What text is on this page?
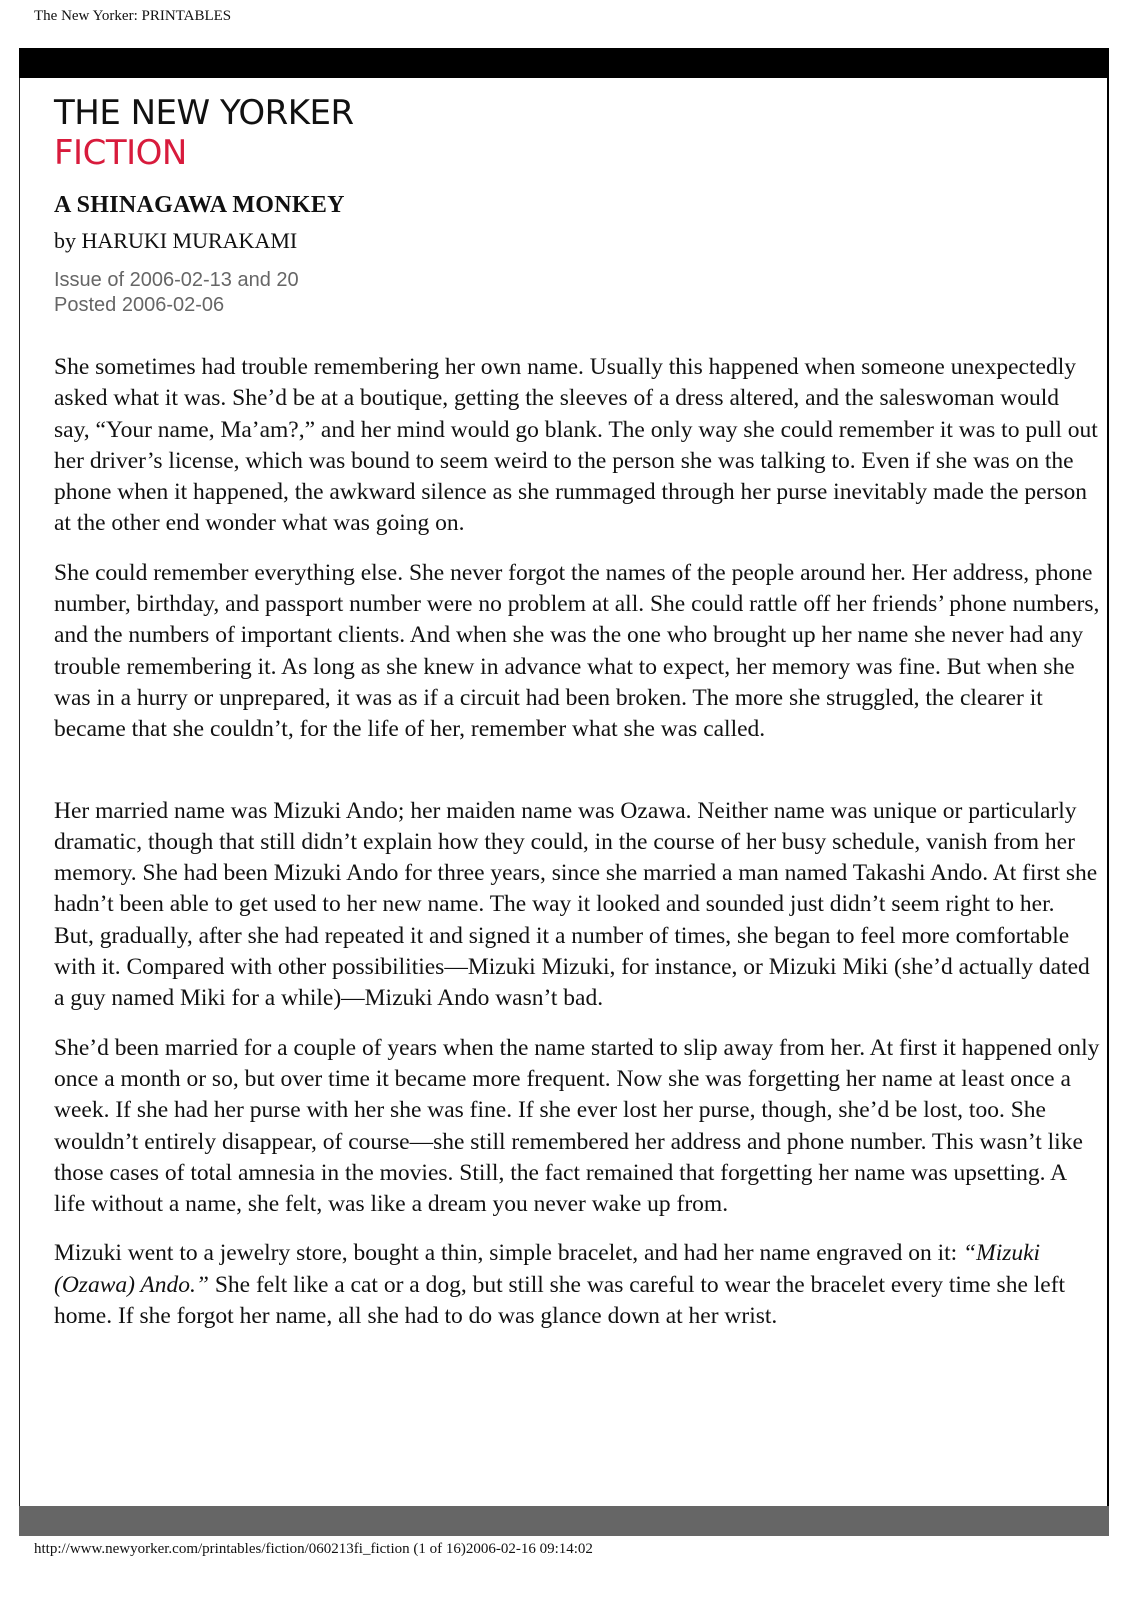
The New Yorker: PRINTABLES
THE NEW YORKER
FICTION
A SHINAGAWA MONKEY
by HARUKI MURAKAMI
Issue of 2006-02-13 and 20
Posted 2006-02-06

She sometimes had trouble remembering her own name. Usually this happened when someone unexpectedly asked what it was. She’d be at a boutique, getting the sleeves of a dress altered, and the saleswoman would say, “Your name, Ma’am?,” and her mind would go blank. The only way she could remember it was to pull out her driver’s license, which was bound to seem weird to the person she was talking to. Even if she was on the phone when it happened, the awkward silence as she rummaged through her purse inevitably made the person at the other end wonder what was going on.

She could remember everything else. She never forgot the names of the people around her. Her address, phone number, birthday, and passport number were no problem at all. She could rattle off her friends’ phone numbers, and the numbers of important clients. And when she was the one who brought up her name she never had any trouble remembering it. As long as she knew in advance what to expect, her memory was fine. But when she was in a hurry or unprepared, it was as if a circuit had been broken. The more she struggled, the clearer it became that she couldn’t, for the life of her, remember what she was called.

Her married name was Mizuki Ando; her maiden name was Ozawa. Neither name was unique or particularly dramatic, though that still didn’t explain how they could, in the course of her busy schedule, vanish from her memory. She had been Mizuki Ando for three years, since she married a man named Takashi Ando. At first she hadn’t been able to get used to her new name. The way it looked and sounded just didn’t seem right to her. But, gradually, after she had repeated it and signed it a number of times, she began to feel more comfortable with it. Compared with other possibilities—Mizuki Mizuki, for instance, or Mizuki Miki (she’d actually dated a guy named Miki for a while)—Mizuki Ando wasn’t bad.

She’d been married for a couple of years when the name started to slip away from her. At first it happened only once a month or so, but over time it became more frequent. Now she was forgetting her name at least once a week. If she had her purse with her she was fine. If she ever lost her purse, though, she’d be lost, too. She wouldn’t entirely disappear, of course—she still remembered her address and phone number. This wasn’t like those cases of total amnesia in the movies. Still, the fact remained that forgetting her name was upsetting. A life without a name, she felt, was like a dream you never wake up from.

Mizuki went to a jewelry store, bought a thin, simple bracelet, and had her name engraved on it: “Mizuki (Ozawa) Ando.” She felt like a cat or a dog, but still she was careful to wear the bracelet every time she left home. If she forgot her name, all she had to do was glance down at her wrist.

http://www.newyorker.com/printables/fiction/060213fi_fiction (1 of 16)2006-02-16 09:14:02
